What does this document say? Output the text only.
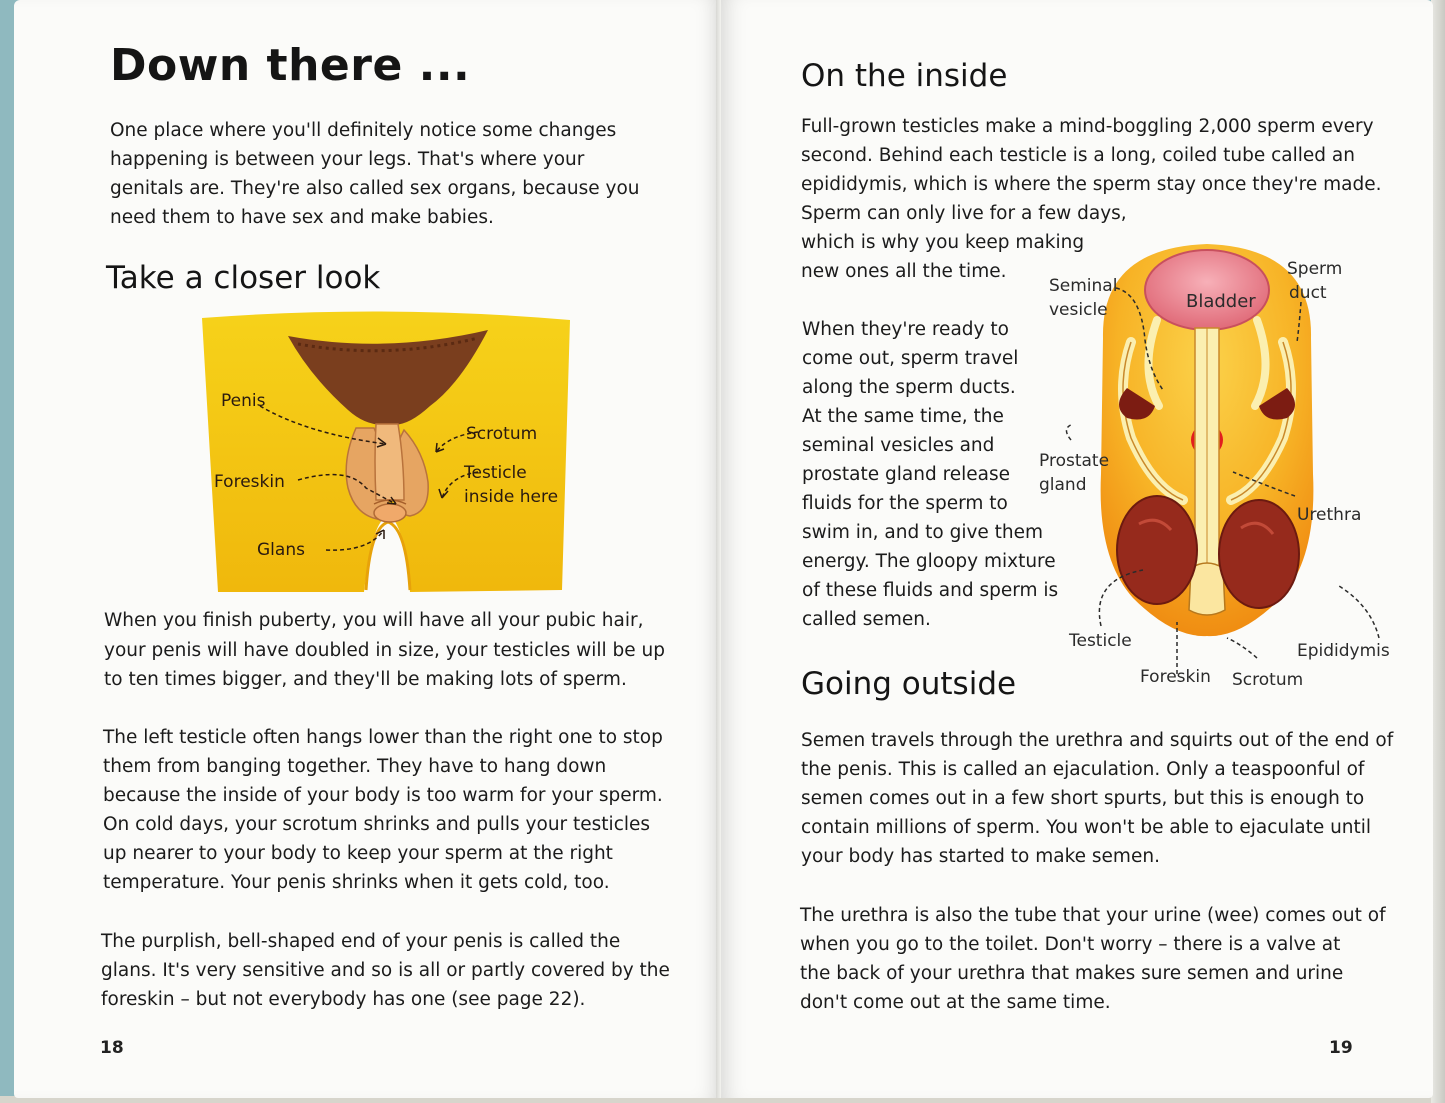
Down there ...
One place where you'll definitely notice some changes
happening is between your legs. That's where your
genitals are. They're also called sex organs, because you
need them to have sex and make babies.
Take a closer look
Penis
Scrotum
Foreskin	Testicle
inside here
Glans
When you finish puberty, you will have all your pubic hair,
your penis will have doubled in size, your testicles will be up
to ten times bigger, and they'll be making lots of sperm.
The left testicle often hangs lower than the right one to stop
them from banging together. They have to hang down
because the inside of your body is too warm for your sperm.
On cold days, your scrotum shrinks and pulls your testicles
up nearer to your body to keep your sperm at the right
temperature. Your penis shrinks when it gets cold, too.
The purplish, bell-shaped end of your penis is called the
glans. It's very sensitive and so is all or partly covered by the
foreskin – but not everybody has one (see page 22).
18
On the inside
Full-grown testicles make a mind-boggling 2,000 sperm every
second. Behind each testicle is a long, coiled tube called an
epididymis, which is where the sperm stay once they're made.
Sperm can only live for a few days,
which is why you keep making
new ones all the time.
When they're ready to
come out, sperm travel
along the sperm ducts.
At the same time, the
seminal vesicles and
prostate gland release
fluids for the sperm to
swim in, and to give them
energy. The gloopy mixture
of these fluids and sperm is
called semen.
Seminal
vesicle	Bladder
Sperm
duct
Prostate
gland
Urethra
Testicle	Epididymis
Foreskin Scrotum
Going outside
Semen travels through the urethra and squirts out of the end of
the penis. This is called an ejaculation. Only a teaspoonful of
semen comes out in a few short spurts, but this is enough to
contain millions of sperm. You won't be able to ejaculate until
your body has started to make semen.
The urethra is also the tube that your urine (wee) comes out of
when you go to the toilet. Don't worry – there is a valve at
the back of your urethra that makes sure semen and urine
don't come out at the same time.
19
